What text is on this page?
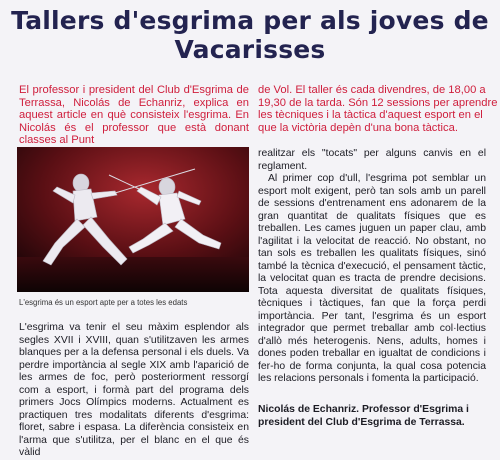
Tallers d'esgrima per als joves de
Vacarisses
El professor i president del Club d'Esgrima de Terrassa, Nicolás de Echanriz, explica en aquest article en què consisteix l'esgrima. En Nicolás és el professor que està donant classes al Punt
de Vol. El taller és cada divendres, de 18,00 a
19,30 de la tarda. Són 12 sessions per aprendre
les tècniques i la tàctica d'aquest esport en el
que la victòria depèn d'una bona tàctica.
L'esgrima és un esport apte per a totes les edats
L'esgrima va tenir el seu màxim esplendor als segles XVII i XVIII, quan s'utilitzaven les armes blanques per a la defensa personal i els duels. Va perdre importància al segle XIX amb l'aparició de les armes de foc, però posteriorment ressorgí com a esport, i formà part del programa dels primers Jocs Olímpics moderns. Actualment es practiquen tres modalitats diferents d'esgrima: floret, sabre i espasa. La diferència consisteix en l'arma que s'utilitza, per el blanc en el que és vàlid

realitzar els "tocats" per alguns canvis en el reglament.

Al primer cop d'ull, l'esgrima pot semblar un esport molt exigent, però tan sols amb un parell de sessions d'entrenament ens adonarem de la gran quantitat de qualitats físiques que es treballen. Les cames juguen un paper clau, amb l'agilitat i la velocitat de reacció. No obstant, no tan sols es treballen les qualitats físiques, sinó també la tècnica d'execució, el pensament tàctic, la velocitat quan es tracta de prendre decisions. Tota aquesta diversitat de qualitats físiques, tècniques i tàctiques, fan que la força perdi importància. Per tant, l'esgrima és un esport integrador que permet treballar amb col·lectius d'allò més heterogenis. Nens, adults, homes i dones poden treballar en igualtat de condicions i fer-ho de forma conjunta, la qual cosa potencia les relacions personals i fomenta la participació.

Nicolás de Echanriz. Professor d'Esgrima i president del Club d'Esgrima de Terrassa.
